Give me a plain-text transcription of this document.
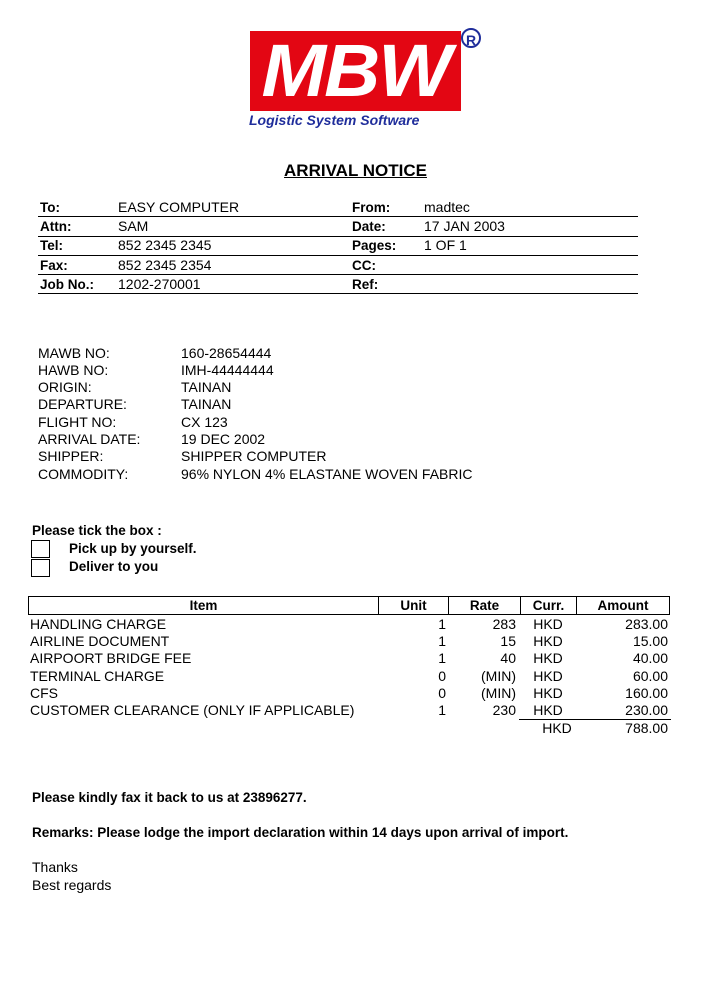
MBW	R
Logistic System Software
ARRIVAL NOTICE
To:	EASY COMPUTER	From: madtec
Attn:	SAM	Date:	17 JAN 2003
Tel:	852 2345 2345	Pages: 1 OF 1
Fax:	852 2345 2354	CC:
Job No.: 1202-270001	Ref:
MAWB NO:	160-28654444
HAWB NO:	IMH-44444444
ORIGIN:	TAINAN
DEPARTURE:	TAINAN
FLIGHT NO:	CX 123
ARRIVAL DATE:	19 DEC 2002
SHIPPER:	SHIPPER COMPUTER
COMMODITY:	96% NYLON 4% ELASTANE WOVEN FABRIC
Please tick the box :
Pick up by yourself.
Deliver to you
Item	Unit	Rate	Curr.	Amount
HANDLING CHARGE	1	283	HKD	283.00
AIRLINE DOCUMENT	1	15	HKD	15.00
AIRPOORT BRIDGE FEE	1	40	HKD	40.00
TERMINAL CHARGE	0	(MIN)	HKD	60.00
CFS	0	(MIN)	HKD	160.00
CUSTOMER CLEARANCE (ONLY IF APPLICABLE)	1	230	HKD	230.00
HKD	788.00
Please kindly fax it back to us at 23896277.
Remarks: Please lodge the import declaration within 14 days upon arrival of import.
Thanks
Best regards
